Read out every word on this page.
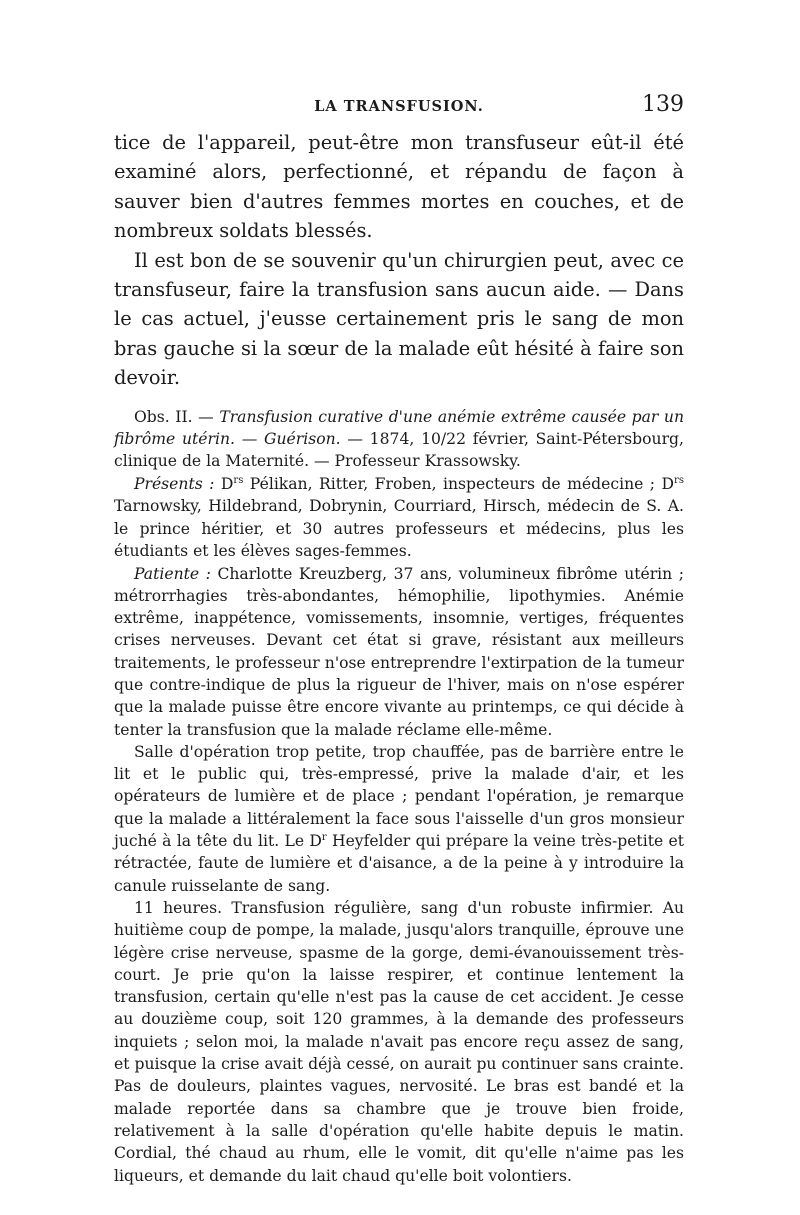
LA TRANSFUSION.	139

tice de l'appareil, peut-être mon transfuseur eût-il été examiné alors, perfectionné, et répandu de façon à sauver bien d'autres femmes mortes en couches, et de nombreux soldats blessés.

Il est bon de se souvenir qu'un chirurgien peut, avec ce transfuseur, faire la transfusion sans aucun aide. — Dans le cas actuel, j'eusse certainement pris le sang de mon bras gauche si la sœur de la malade eût hésité à faire son devoir.

Obs. II. — Transfusion curative d'une anémie extrême causée par un fibrôme utérin. — Guérison. — 1874, 10/22 février, Saint-Pétersbourg, clinique de la Maternité. — Professeur Krassowsky.

Présents : $D^{rs}$ Pélikan, Ritter, Froben, inspecteurs de médecine ; $D^{rs}$ Tarnowsky, Hildebrand, Dobrynin, Courriard, Hirsch, médecin de S. A. le prince héritier, et 30 autres professeurs et médecins, plus les étudiants et les élèves sages-femmes.

Patiente : Charlotte Kreuzberg, 37 ans, volumineux fibrôme utérin ; métrorrhagies très-abondantes, hémophilie, lipothymies. Anémie extrême, inappétence, vomissements, insomnie, vertiges, fréquentes crises nerveuses. Devant cet état si grave, résistant aux meilleurs traitements, le professeur n'ose entreprendre l'extirpation de la tumeur que contre-indique de plus la rigueur de l'hiver, mais on n'ose espérer que la malade puisse être encore vivante au printemps, ce qui décide à tenter la transfusion que la malade réclame elle-même.

Salle d'opération trop petite, trop chauffée, pas de barrière entre le lit et le public qui, très-empressé, prive la malade d'air, et les opérateurs de lumière et de place ; pendant l'opération, je remarque que la malade a littéralement la face sous l'aisselle d'un gros monsieur juché à la tête du lit. Le $D^r$ Heyfelder qui prépare la veine très-petite et rétractée, faute de lumière et d'aisance, a de la peine à y introduire la canule ruisselante de sang.

11 heures. Transfusion régulière, sang d'un robuste infirmier. Au huitième coup de pompe, la malade, jusqu'alors tranquille, éprouve une légère crise nerveuse, spasme de la gorge, demi-évanouissement très-court. Je prie qu'on la laisse respirer, et continue lentement la transfusion, certain qu'elle n'est pas la cause de cet accident. Je cesse au douzième coup, soit 120 grammes, à la demande des professeurs inquiets ; selon moi, la malade n'avait pas encore reçu assez de sang, et puisque la crise avait déjà cessé, on aurait pu continuer sans crainte. Pas de douleurs, plaintes vagues, nervosité. Le bras est bandé et la malade reportée dans sa chambre que je trouve bien froide, relativement à la salle d'opération qu'elle habite depuis le matin. Cordial, thé chaud au rhum, elle le vomit, dit qu'elle n'aime pas les liqueurs, et demande du lait chaud qu'elle boit volontiers.
